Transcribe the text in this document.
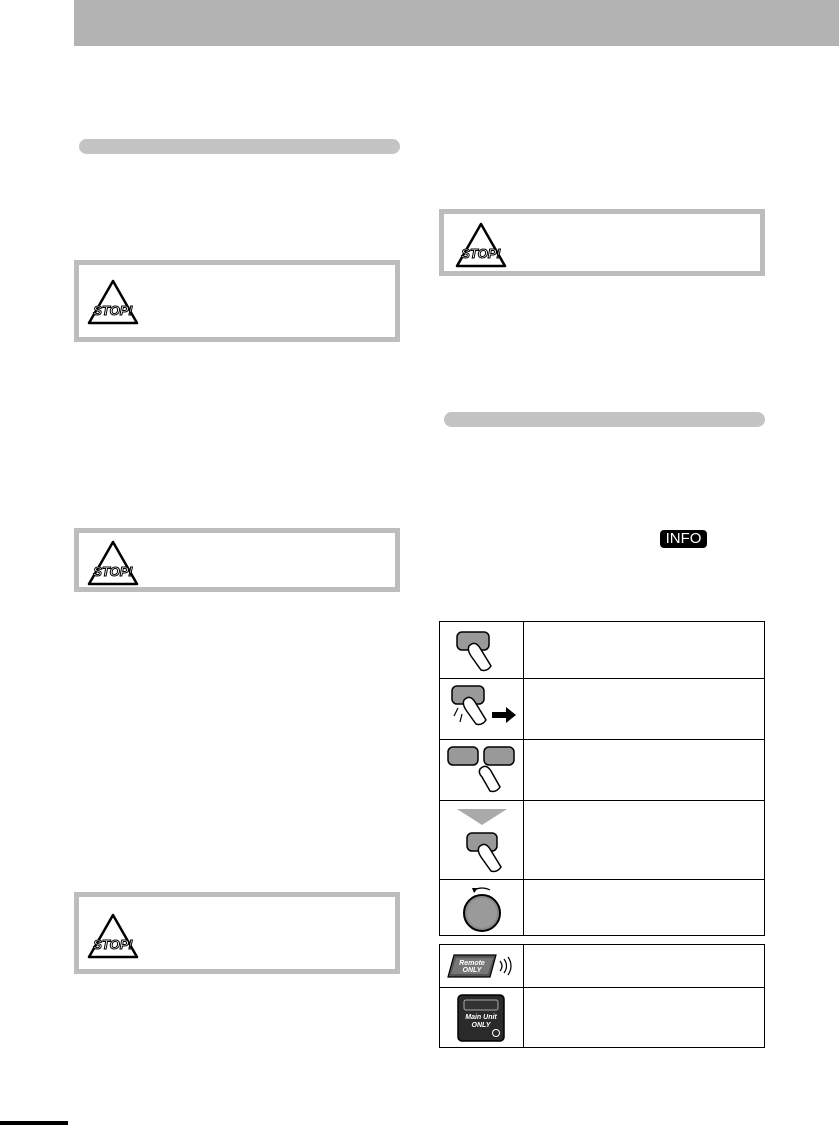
STOP!
STOP!
STOP!
STOP!
INFO
Remote
ONLY
Main Unit
ONLY
